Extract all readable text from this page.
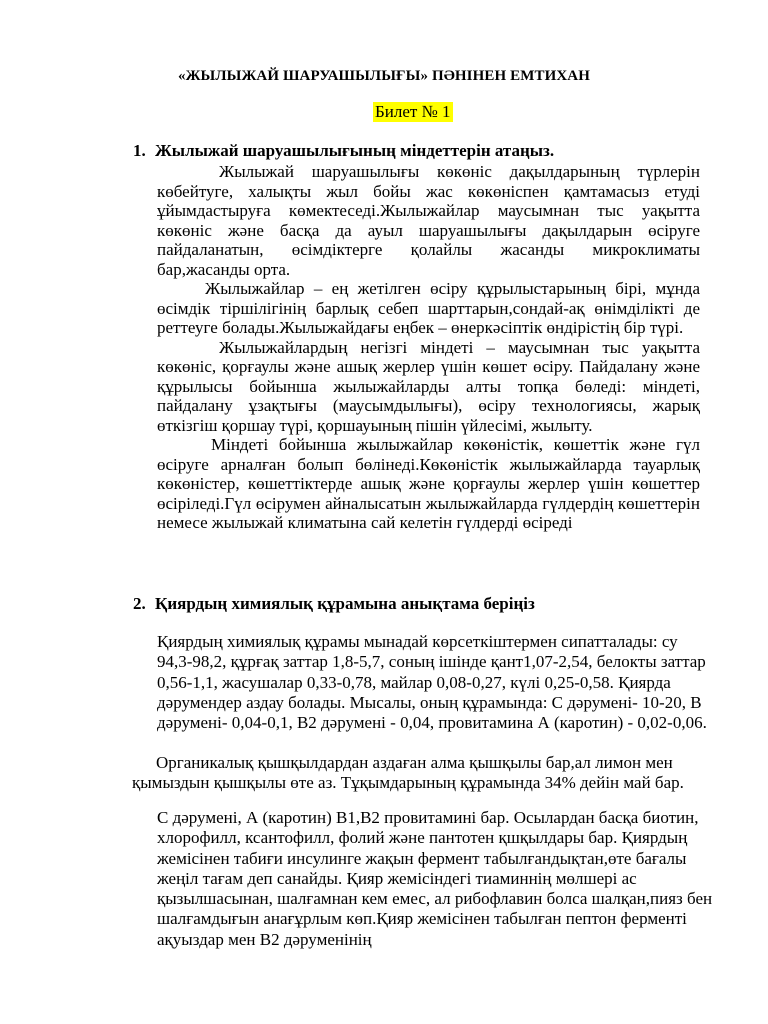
«ЖЫЛЫЖАЙ ШАРУАШЫЛЫҒЫ» ПӘНІНЕН ЕМТИХАН
Билет № 1
1. Жылыжай шаруашылығының міндеттерін атаңыз.

Жылыжай шаруашылығы көкөніс дақылдарының түрлерін көбейтуге, халықты жыл бойы жас көкөніспен қамтамасыз етуді ұйымдастыруға көмектеседі.Жылыжайлар маусымнан тыс уақытта көкөніс және басқа да ауыл шаруашылығы дақылдарын өсіруге пайдаланатын, өсімдіктерге қолайлы жасанды микроклиматы бар,жасанды орта.

Жылыжайлар – ең жетілген өсіру құрылыстарының бірі, мұнда өсімдік тіршілігінің барлық себеп шарттарын,сондай-ақ өнімділікті де реттеуге болады.Жылыжайдағы еңбек – өнеркәсіптік өндірістің бір түрі.

Жылыжайлардың негізгі міндеті – маусымнан тыс уақытта көкөніс, қорғаулы және ашық жерлер үшін көшет өсіру. Пайдалану және құрылысы бойынша жылыжайларды алты топқа бөледі: міндеті, пайдалану ұзақтығы (маусымдылығы), өсіру технологиясы, жарық өткізгіш қоршау түрі, қоршауының пішін үйлесімі, жылыту.

Міндеті бойынша жылыжайлар көкөністік, көшеттік және гүл өсіруге арналған болып бөлінеді.Көкөністік жылыжайларда тауарлық көкөністер, көшеттіктерде ашық және қорғаулы жерлер үшін көшеттер өсіріледі.Гүл өсірумен айналысатын жылыжайларда гүлдердің көшеттерін немесе жылыжай климатына сай келетін гүлдерді өсіреді

2. Қиярдың химиялық құрамына анықтама беріңіз

Қиярдың химиялық құрамы мынадай көрсеткіштермен сипатталады: су 94,3-98,2, құрғақ заттар 1,8-5,7, соның ішінде қант1,07-2,54, белокты заттар 0,56-1,1, жасушалар 0,33-0,78, майлар 0,08-0,27, күлі 0,25-0,58. Қиярда дәрумендер аздау болады. Мысалы, оның құрамында: С дәрумені- 10-20, В дәрумені- 0,04-0,1, В2 дәрумені - 0,04, провитамина А (каротин) - 0,02-0,06.

Органикалық қышқылдардан аздаған алма қышқылы бар,ал лимон мен қымыздын қышқылы өте аз. Тұқымдарының құрамында 34% дейін май бар.

С дәрумені, А (каротин) В1,В2 провитамині бар. Осылардан басқа биотин, хлорофилл, ксантофилл, фолий және пантотен қшқылдары бар. Қиярдың жемісінен табиғи инсулинге жақын фермент табылғандықтан,өте бағалы жеңіл тағам деп санайды. Қияр жемісіндегі тиаминнің мөлшері ас қызылшасынан, шалғамнан кем емес, ал рибофлавин болса шалқан,пияз бен шалғамдығын анағұрлым көп.Қияр жемісінен табылған пептон ферменті ақуыздар мен В2 дәруменінің
